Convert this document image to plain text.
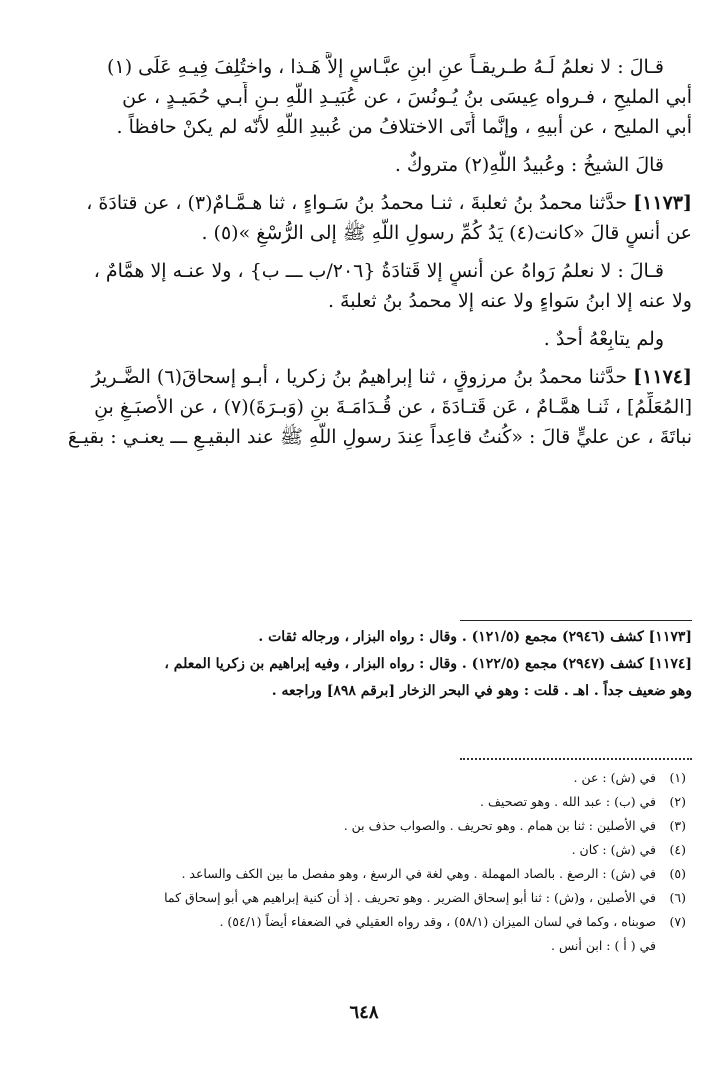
قـالَ : لا نعلمُ لَـهُ طـريقـاً عنِ ابنِ عبَّـاسٍ إلاَّ هَـذا ، واختُلِفَ فِيـهِ عَلَى (١)

أبي المليحِ ، فـرواه عِيسَى بنُ يُـونُسَ ، عن عُبَيـدِ اللَّهِ بـنِ أَبـي حُمَيـدٍ ، عن

أبي المليح ، عن أبيهِ ، وإنَّما أُتَى الاختلافُ من عُبيدِ اللَّهِ لأنّه لم يكنْ حافظاً .

قالَ الشيخُ : وعُبيدُ اللَّهِ(٢) متروكٌ .

[١١٧٣] حدَّثنا محمدُ بنُ ثعلبةَ ، ثنـا محمدُ بنُ سَـواءٍ ، ثنا هـمَّـامٌ(٣) ، عن قتادَةَ ،

عن أنسٍ قالَ «كانت(٤) يَدُ كُمِّ رسولِ اللَّهِ ﷺ إلى الرُّسْغِ »(٥) .

قـالَ : لا نعلمُ رَواهُ عن أنسٍ إلا قَتادَةُ {٢٠٦/ب ـــ ب} ، ولا عنـه إلا همَّامٌ ،

ولا عنه إلا ابنُ سَواءٍ ولا عنه إلا محمدُ بنُ ثعلبةَ .

ولم يتابِعْهُ أحدٌ .

[١١٧٤] حدَّثنا محمدُ بنُ مرزوقٍ ، ثنا إبراهيمُ بنُ زكريا ، أبـو إسحاقَ(٦) الضَّـريرُ

[المُعَلِّمُ] ، ثَنـا همَّـامٌ ، عَن قَتـادَةَ ، عن قُـدَامَـةَ بنِ (وَبـرَةَ)(٧) ، عن الأصبَـغِ بنِ

نباتَةَ ، عن عليٍّ قالَ : «كُنتُ قاعِداً عِندَ رسولِ اللَّهِ ﷺ عند البقيـعِ ـــ يعنـي : بقيـعَ

[١١٧٣] كشف (٢٩٤٦) مجمع (١٢١/٥) . وقال : رواه البزار ، ورجاله ثقات .

[١١٧٤] كشف (٢٩٤٧) مجمع (١٢٢/٥) . وقال : رواه البزار ، وفيه إبراهيم بن زكريا المعلم ،

وهو ضعيف جداً . اهـ . قلت : وهو في البحر الزخار [برقم ٨٩٨] وراجعه .

(١)
في (ش) : عن .
(٢)
في (ب) : عبد الله . وهو تصحيف .
(٣)
في الأصلين : ثنا بن همام . وهو تحريف . والصواب حذف بن .
(٤)
في (ش) : كان .
(٥)
في (ش) : الرصغ . بالصاد المهملة . وهي لغة في الرسغ ، وهو مفصل ما بين الكف والساعد .
(٦)
في الأصلين ، و(ش) : ثنا أبو إسحاق الضرير . وهو تحريف . إذ أن كنية إبراهيم هي أبو إسحاق كما
(٧)
صوبناه ، وكما في لسان الميزان (٥٨/١) ، وقد رواه العقيلي في الضعفاء أيضاً (٥٤/١) .

في ( أ ) : ابن أنس .

٦٤٨
